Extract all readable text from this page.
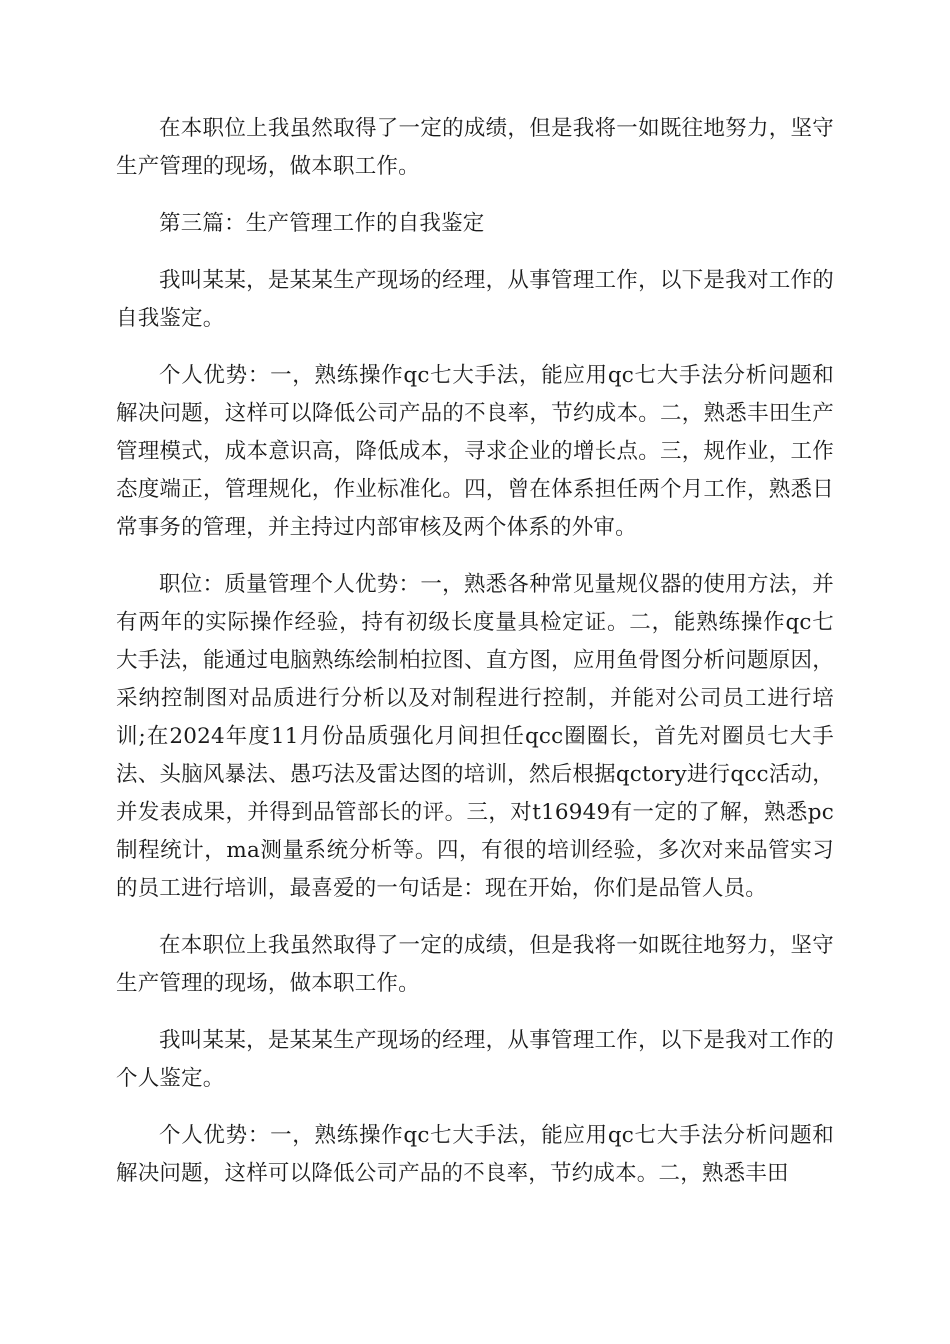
在本职位上我虽然取得了一定的成绩，但是我将一如既往地努力，坚守生产管理的现场，做本职工作。

第三篇：生产管理工作的自我鉴定

我叫某某，是某某生产现场的经理，从事管理工作，以下是我对工作的自我鉴定。

个人优势：一，熟练操作qc七大手法，能应用qc七大手法分析问题和解决问题，这样可以降低公司产品的不良率，节约成本。二，熟悉丰田生产管理模式，成本意识高，降低成本，寻求企业的增长点。三，规作业，工作态度端正，管理规化，作业标准化。四，曾在体系担任两个月工作，熟悉日常事务的管理，并主持过内部审核及两个体系的外审。

职位：质量管理个人优势：一，熟悉各种常见量规仪器的使用方法，并有两年的实际操作经验，持有初级长度量具检定证。二，能熟练操作qc七大手法，能通过电脑熟练绘制柏拉图、直方图，应用鱼骨图分析问题原因，采纳控制图对品质进行分析以及对制程进行控制，并能对公司员工进行培训;在2024年度11月份品质强化月间担任qcc圈圈长，首先对圈员七大手法、头脑风暴法、愚巧法及雷达图的培训，然后根据qctory进行qcc活动，并发表成果，并得到品管部长的评。三，对t16949有一定的了解，熟悉pc制程统计，ma测量系统分析等。四，有很的培训经验，多次对来品管实习的员工进行培训，最喜爱的一句话是：现在开始，你们是品管人员。

在本职位上我虽然取得了一定的成绩，但是我将一如既往地努力，坚守生产管理的现场，做本职工作。

我叫某某，是某某生产现场的经理，从事管理工作，以下是我对工作的个人鉴定。

个人优势：一，熟练操作qc七大手法，能应用qc七大手法分析问题和解决问题，这样可以降低公司产品的不良率，节约成本。二，熟悉丰田
